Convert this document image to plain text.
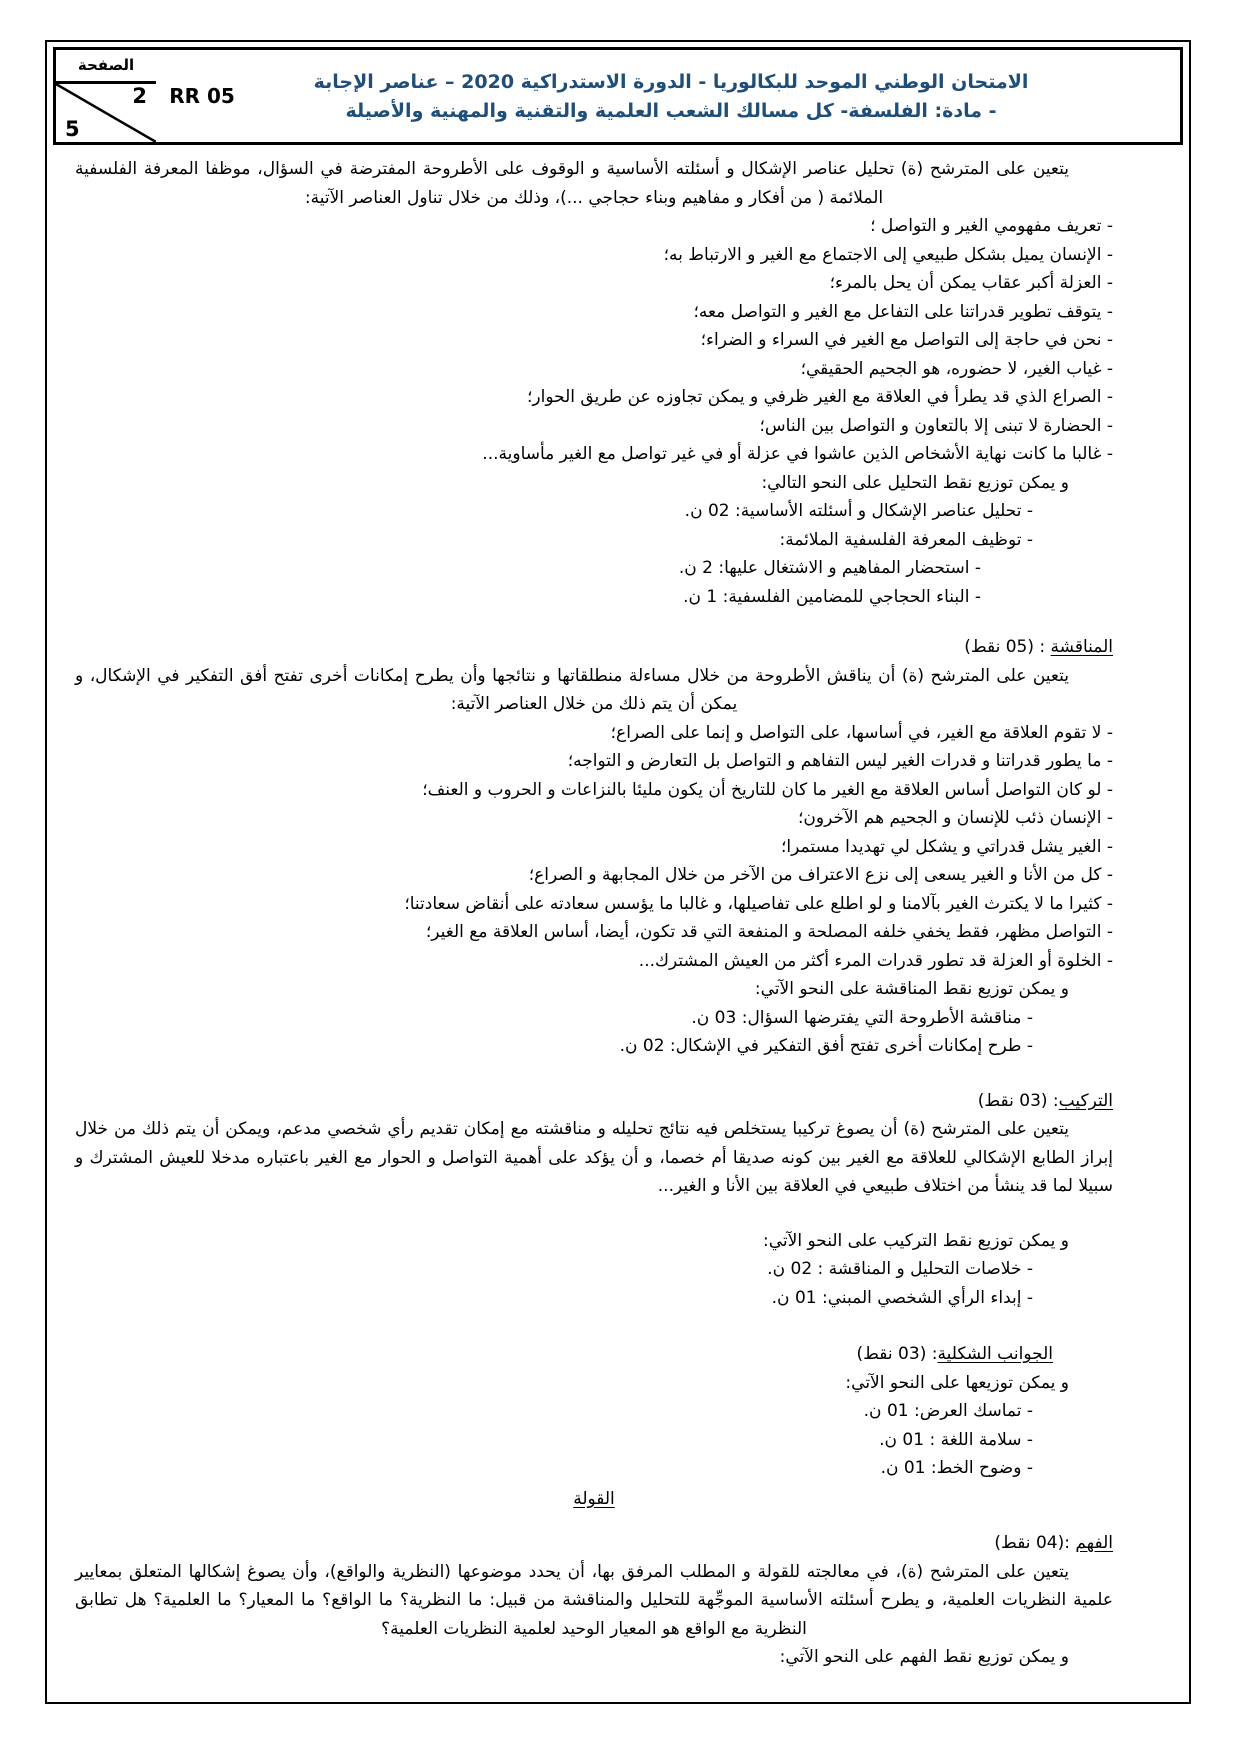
الامتحان الوطني الموحد للبكالوريا - الدورة الاستدراكية 2020 – عناصر الإجابة
- مادة: الفلسفة- كل مسالك الشعب العلمية والتقنية والمهنية والأصيلة
RR 05
الصفحة
2
5
يتعين على المترشح (ة) تحليل عناصر الإشكال و أسئلته الأساسية و الوقوف على الأطروحة المفترضة في السؤال، موظفا المعرفة الفلسفية الملائمة ( من أفكار و مفاهيم وبناء حجاجي ...)، وذلك من خلال تناول العناصر الآتية:
- تعريف مفهومي الغير و التواصل ؛
- الإنسان يميل بشكل طبيعي إلى الاجتماع مع الغير و الارتباط به؛
- العزلة أكبر عقاب يمكن أن يحل بالمرء؛
- يتوقف تطوير قدراتنا على التفاعل مع الغير و التواصل معه؛
- نحن في حاجة إلى التواصل مع الغير في السراء و الضراء؛
- غياب الغير، لا حضوره، هو الجحيم الحقيقي؛
- الصراع الذي قد يطرأ في العلاقة مع الغير ظرفي و يمكن تجاوزه عن طريق الحوار؛
- الحضارة لا تبنى إلا بالتعاون و التواصل بين الناس؛
- غالبا ما كانت نهاية الأشخاص الذين عاشوا في عزلة أو في غير تواصل مع الغير مأساوية...
و يمكن توزيع نقط التحليل على النحو التالي:
- تحليل عناصر الإشكال و أسئلته الأساسية: 02 ن.
- توظيف المعرفة الفلسفية الملائمة:
- استحضار المفاهيم و الاشتغال عليها: 2 ن.
- البناء الحجاجي للمضامين الفلسفية: 1 ن.
المناقشة : (05 نقط)
يتعين على المترشح (ة) أن يناقش الأطروحة من خلال مساءلة منطلقاتها و نتائجها وأن يطرح إمكانات أخرى تفتح أفق التفكير في الإشكال، و يمكن أن يتم ذلك من خلال العناصر الآتية:
- لا تقوم العلاقة مع الغير، في أساسها، على التواصل و إنما على الصراع؛
- ما يطور قدراتنا و قدرات الغير ليس التفاهم و التواصل بل التعارض و التواجه؛
- لو كان التواصل أساس العلاقة مع الغير ما كان للتاريخ أن يكون مليئا بالنزاعات و الحروب و العنف؛
- الإنسان ذئب للإنسان و الجحيم هم الآخرون؛
- الغير يشل قدراتي و يشكل لي تهديدا مستمرا؛
- كل من الأنا و الغير يسعى إلى نزع الاعتراف من الآخر من خلال المجابهة و الصراع؛
- كثيرا ما لا يكترث الغير بآلامنا و لو اطلع على تفاصيلها، و غالبا ما يؤسس سعادته على أنقاض سعادتنا؛
- التواصل مظهر، فقط يخفي خلفه المصلحة و المنفعة التي قد تكون، أيضا، أساس العلاقة مع الغير؛
- الخلوة أو العزلة قد تطور قدرات المرء أكثر من العيش المشترك...
و يمكن توزيع نقط المناقشة على النحو الآتي:
- مناقشة الأطروحة التي يفترضها السؤال: 03 ن.
- طرح إمكانات أخرى تفتح أفق التفكير في الإشكال: 02 ن.
التركيب: (03 نقط)
يتعين على المترشح (ة) أن يصوغ تركيبا يستخلص فيه نتائج تحليله و مناقشته مع إمكان تقديم رأي شخصي مدعم، ويمكن أن يتم ذلك من خلال إبراز الطابع الإشكالي للعلاقة مع الغير بين كونه صديقا أم خصما، و أن يؤكد على أهمية التواصل و الحوار مع الغير باعتباره مدخلا للعيش المشترك و سبيلا لما قد ينشأ من اختلاف طبيعي في العلاقة بين الأنا و الغير...
و يمكن توزيع نقط التركيب على النحو الآتي:
- خلاصات التحليل و المناقشة : 02 ن.
- إبداء الرأي الشخصي المبني: 01 ن.
الجوانب الشكلية: (03 نقط)
و يمكن توزيعها على النحو الآتي:
- تماسك العرض: 01 ن.
- سلامة اللغة : 01 ن.
- وضوح الخط: 01 ن.
القولة
الفهم :(04 نقط)
يتعين على المترشح (ة)، في معالجته للقولة و المطلب المرفق بها، أن يحدد موضوعها (النظرية والواقع)، وأن يصوغ إشكالها المتعلق بمعايير علمية النظريات العلمية، و يطرح أسئلته الأساسية الموجِّهة للتحليل والمناقشة من قبيل: ما النظرية؟ ما الواقع؟ ما المعيار؟ ما العلمية؟ هل تطابق النظرية مع الواقع هو المعيار الوحيد لعلمية النظريات العلمية؟
و يمكن توزيع نقط الفهم على النحو الآتي:
